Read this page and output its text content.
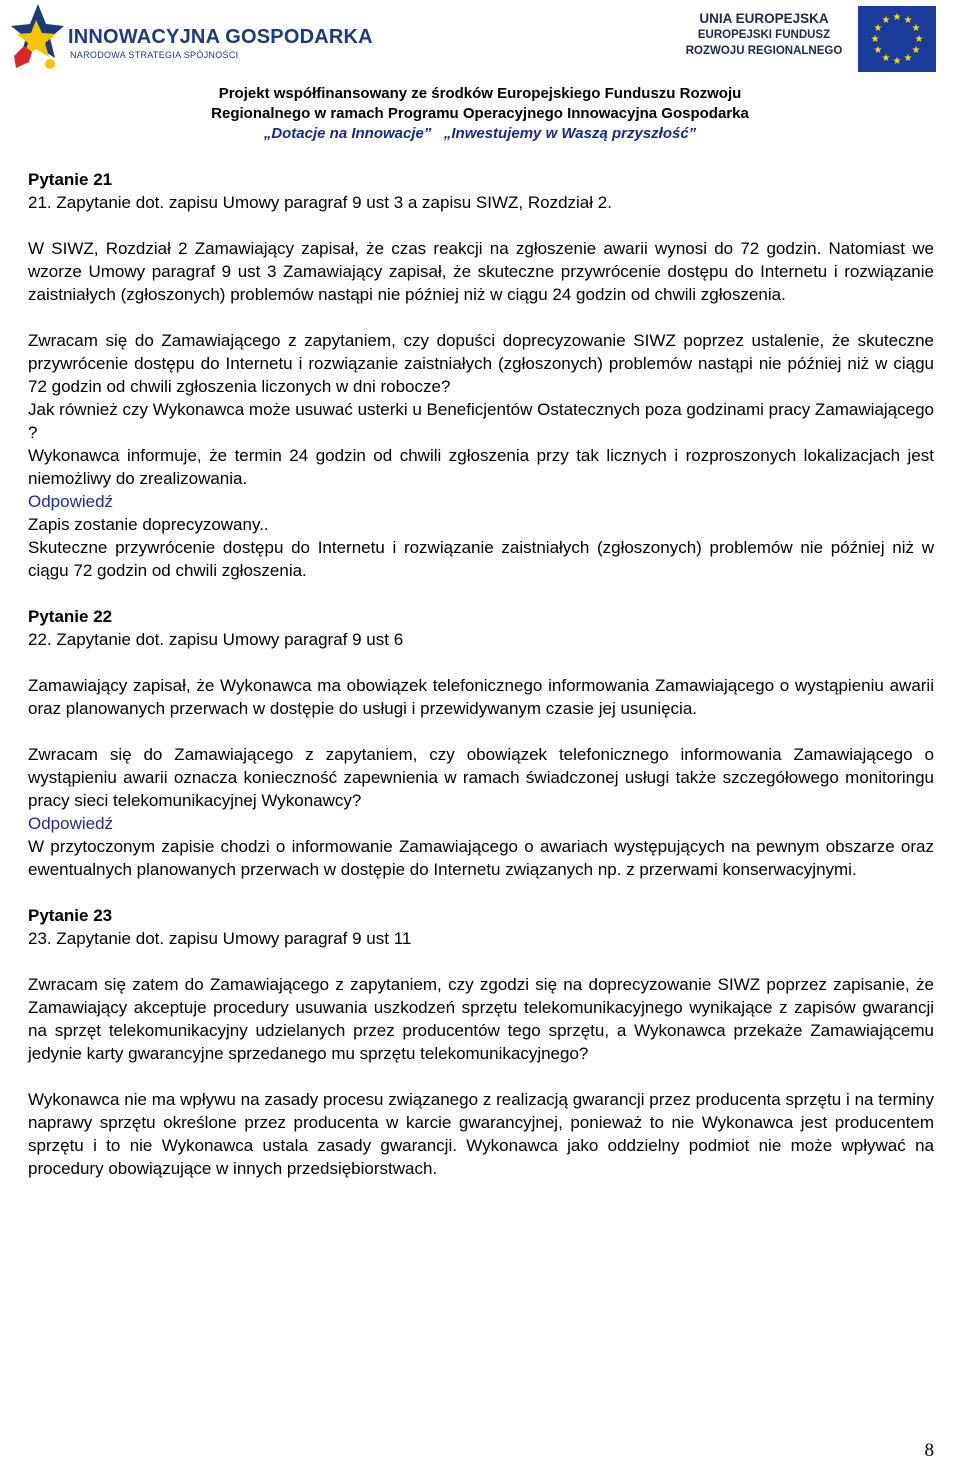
INNOWACYJNA GOSPODARKA
NARODOWA STRATEGIA SPÓJNOŚCI
UNIA EUROPEJSKA
EUROPEJSKI FUNDUSZ
ROZWOJU REGIONALNEGO
★ ★
★
★
★
★
★
★
★
★
★
★
Projekt współfinansowany ze środków Europejskiego Funduszu Rozwoju
Regionalnego w ramach Programu Operacyjnego Innowacyjna Gospodarka
„Dotacje na Innowacje” „Inwestujemy w Waszą przyszłość”

Pytanie 21

21. Zapytanie dot. zapisu Umowy paragraf 9 ust 3 a zapisu SIWZ, Rozdział 2.

W SIWZ, Rozdział 2 Zamawiający zapisał, że czas reakcji na zgłoszenie awarii wynosi do 72 godzin. Natomiast we wzorze Umowy paragraf 9 ust 3 Zamawiający zapisał, że skuteczne przywrócenie dostępu do Internetu i rozwiązanie zaistniałych (zgłoszonych) problemów nastąpi nie później niż w ciągu 24 godzin od chwili zgłoszenia.

Zwracam się do Zamawiającego z zapytaniem, czy dopuści doprecyzowanie SIWZ poprzez ustalenie, że skuteczne przywrócenie dostępu do Internetu i rozwiązanie zaistniałych (zgłoszonych) problemów nastąpi nie później niż w ciągu 72 godzin od chwili zgłoszenia liczonych w dni robocze?

Jak również czy Wykonawca może usuwać usterki u Beneficjentów Ostatecznych poza godzinami pracy Zamawiającego ?

Wykonawca informuje, że termin 24 godzin od chwili zgłoszenia przy tak licznych i rozproszonych lokalizacjach jest niemożliwy do zrealizowania.

Odpowiedź

Zapis zostanie doprecyzowany..

Skuteczne przywrócenie dostępu do Internetu i rozwiązanie zaistniałych (zgłoszonych) problemów nie później niż w ciągu 72 godzin od chwili zgłoszenia.

Pytanie 22

22. Zapytanie dot. zapisu Umowy paragraf 9 ust 6

Zamawiający zapisał, że Wykonawca ma obowiązek telefonicznego informowania Zamawiającego o wystąpieniu awarii oraz planowanych przerwach w dostępie do usługi i przewidywanym czasie jej usunięcia.

Zwracam się do Zamawiającego z zapytaniem, czy obowiązek telefonicznego informowania Zamawiającego o wystąpieniu awarii oznacza konieczność zapewnienia w ramach świadczonej usługi także szczegółowego monitoringu pracy sieci telekomunikacyjnej Wykonawcy?

Odpowiedź

W przytoczonym zapisie chodzi o informowanie Zamawiającego o awariach występujących na pewnym obszarze oraz ewentualnych planowanych przerwach w dostępie do Internetu związanych np. z przerwami konserwacyjnymi.

Pytanie 23

23. Zapytanie dot. zapisu Umowy paragraf 9 ust 11

Zwracam się zatem do Zamawiającego z zapytaniem, czy zgodzi się na doprecyzowanie SIWZ poprzez zapisanie, że Zamawiający akceptuje procedury usuwania uszkodzeń sprzętu telekomunikacyjnego wynikające z zapisów gwarancji na sprzęt telekomunikacyjny udzielanych przez producentów tego sprzętu, a Wykonawca przekaże Zamawiającemu jedynie karty gwarancyjne sprzedanego mu sprzętu telekomunikacyjnego?

Wykonawca nie ma wpływu na zasady procesu związanego z realizacją gwarancji przez producenta sprzętu i na terminy naprawy sprzętu określone przez producenta w karcie gwarancyjnej, ponieważ to nie Wykonawca jest producentem sprzętu i to nie Wykonawca ustala zasady gwarancji. Wykonawca jako oddzielny podmiot nie może wpływać na procedury obowiązujące w innych przedsiębiorstwach.

8
